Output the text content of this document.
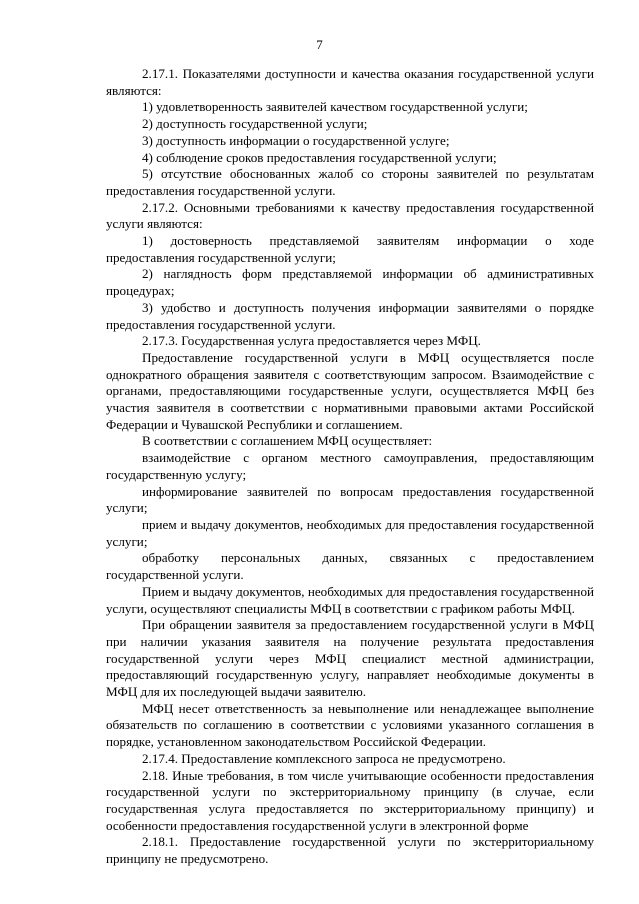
7

2.17.1. Показателями доступности и качества оказания государственной услуги являются:

1) удовлетворенность заявителей качеством государственной услуги;

2) доступность государственной услуги;

3) доступность информации о государственной услуге;

4) соблюдение сроков предоставления государственной услуги;

5) отсутствие обоснованных жалоб со стороны заявителей по результатам предоставления государственной услуги.

2.17.2. Основными требованиями к качеству предоставления государственной услуги являются:

1) достоверность представляемой заявителям информации о ходе предоставления государственной услуги;

2) наглядность форм представляемой информации об административных процедурах;

3) удобство и доступность получения информации заявителями о порядке предоставления государственной услуги.

2.17.3. Государственная услуга предоставляется через МФЦ.

Предоставление государственной услуги в МФЦ осуществляется после однократного обращения заявителя с соответствующим запросом. Взаимодействие с органами, предоставляющими государственные услуги, осуществляется МФЦ без участия заявителя в соответствии с нормативными правовыми актами Российской Федерации и Чувашской Республики и соглашением.

В соответствии с соглашением МФЦ осуществляет:

взаимодействие с органом местного самоуправления, предоставляющим государственную услугу;

информирование заявителей по вопросам предоставления государственной услуги;

прием и выдачу документов, необходимых для предоставления государственной услуги;

обработку персональных данных, связанных с предоставлением государственной услуги.

Прием и выдачу документов, необходимых для предоставления государственной услуги, осуществляют специалисты МФЦ в соответствии с графиком работы МФЦ.

При обращении заявителя за предоставлением государственной услуги в МФЦ при наличии указания заявителя на получение результата предоставления государственной услуги через МФЦ специалист местной администрации, предоставляющий государственную услугу, направляет необходимые документы в МФЦ для их последующей выдачи заявителю.

МФЦ несет ответственность за невыполнение или ненадлежащее выполнение обязательств по соглашению в соответствии с условиями указанного соглашения в порядке, установленном законодательством Российской Федерации.

2.17.4. Предоставление комплексного запроса не предусмотрено.

2.18. Иные требования, в том числе учитывающие особенности предоставления государственной услуги по экстерриториальному принципу (в случае, если государственная услуга предоставляется по экстерриториальному принципу) и особенности предоставления государственной услуги в электронной форме

2.18.1. Предоставление государственной услуги по экстерриториальному принципу не предусмотрено.
